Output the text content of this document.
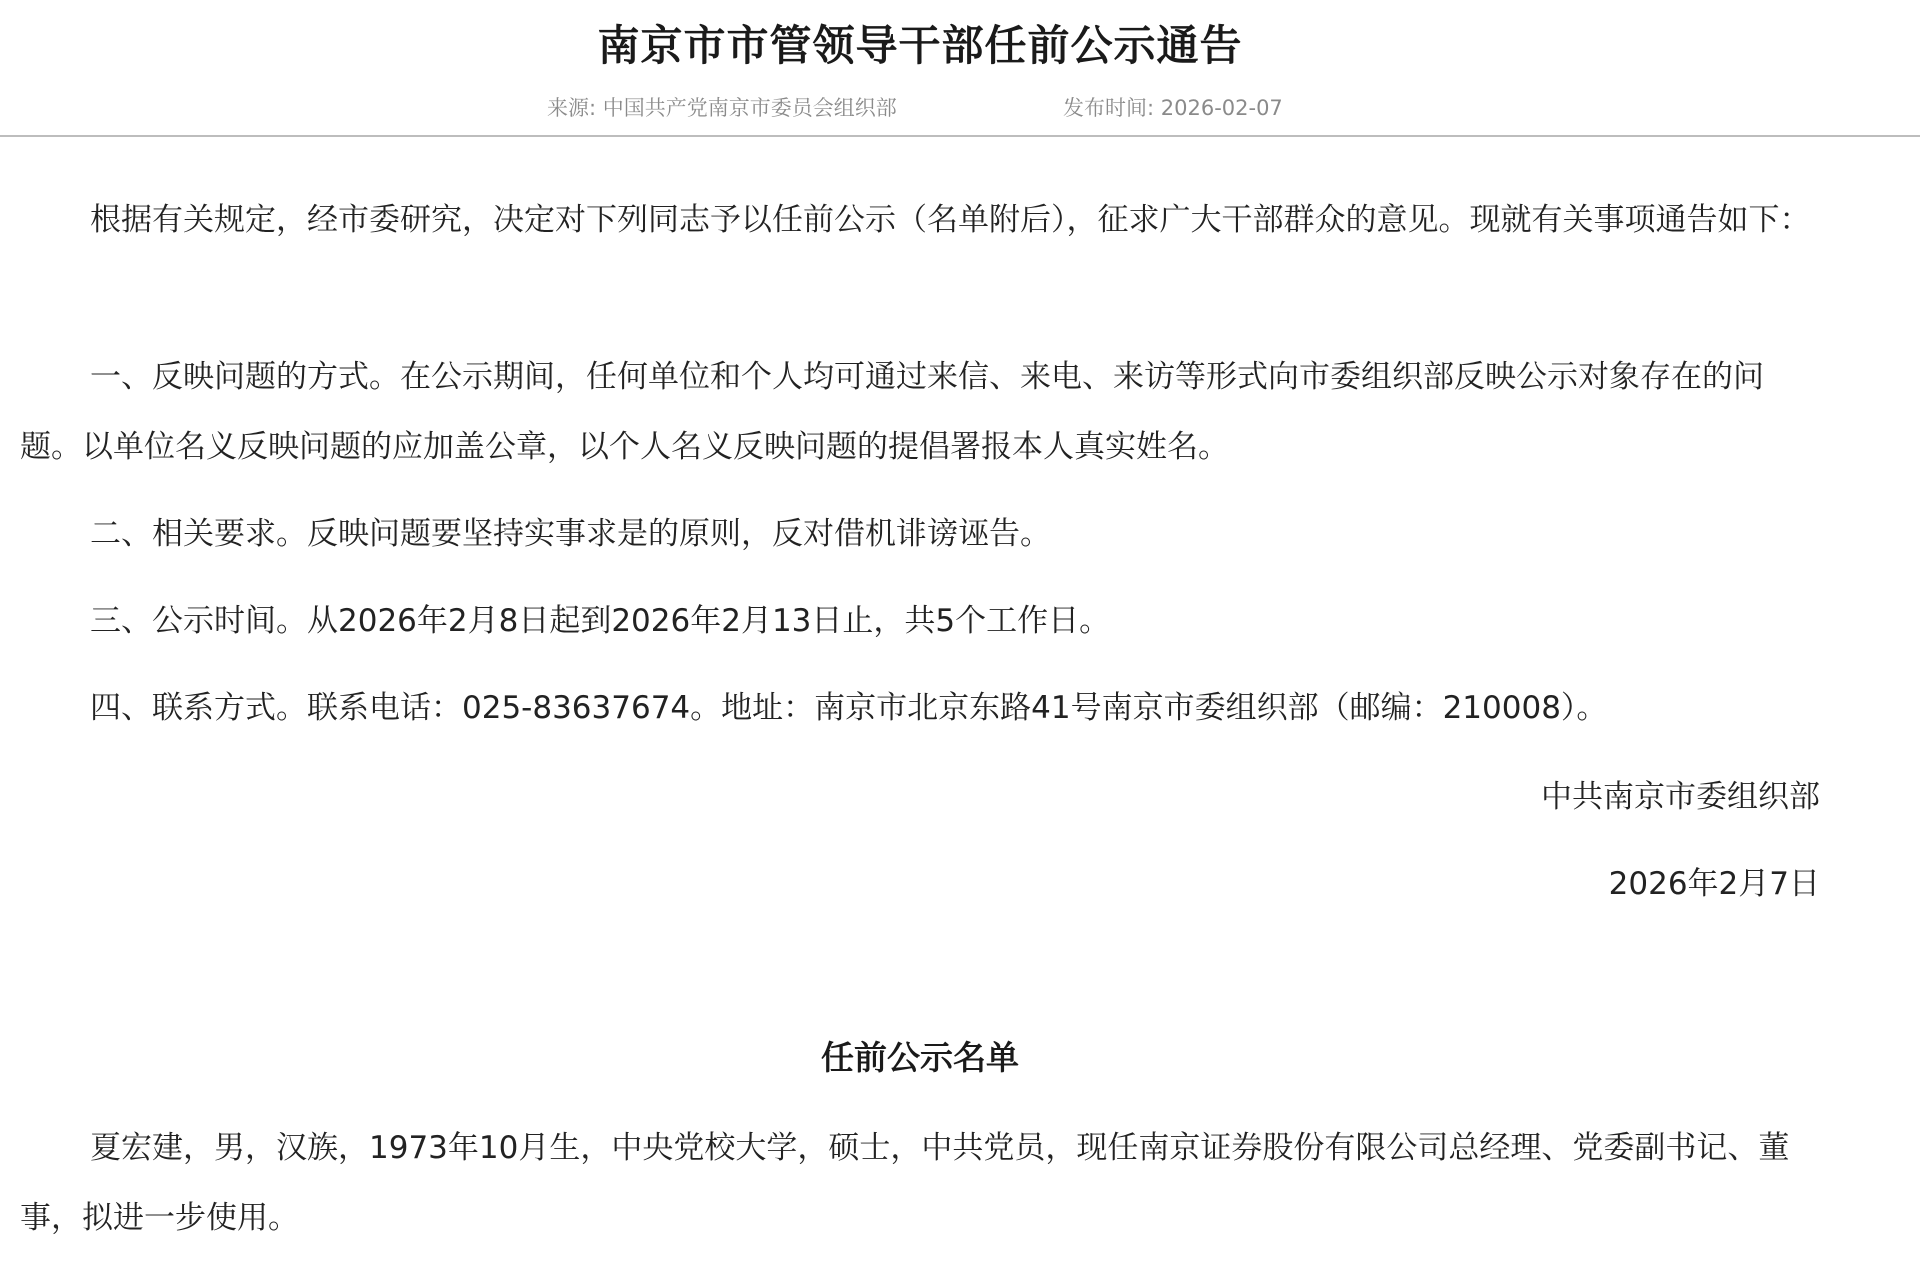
南京市市管领导干部任前公示通告
来源: 中国共产党南京市委员会组织部	发布时间: 2026-02-07

根据有关规定，经市委研究，决定对下列同志予以任前公示（名单附后），征求广大干部群众的意见。现就有关事项通告如下：

一、反映问题的方式。在公示期间，任何单位和个人均可通过来信、来电、来访等形式向市委组织部反映公示对象存在的问题。以单位名义反映问题的应加盖公章，以个人名义反映问题的提倡署报本人真实姓名。

二、相关要求。反映问题要坚持实事求是的原则，反对借机诽谤诬告。

三、公示时间。从2026年2月8日起到2026年2月13日止，共5个工作日。

四、联系方式。联系电话：025-83637674。地址：南京市北京东路41号南京市委组织部（邮编：210008）。

中共南京市委组织部
2026年2月7日
任前公示名单

夏宏建，男，汉族，1973年10月生，中央党校大学，硕士，中共党员，现任南京证券股份有限公司总经理、党委副书记、董事，拟进一步使用。
